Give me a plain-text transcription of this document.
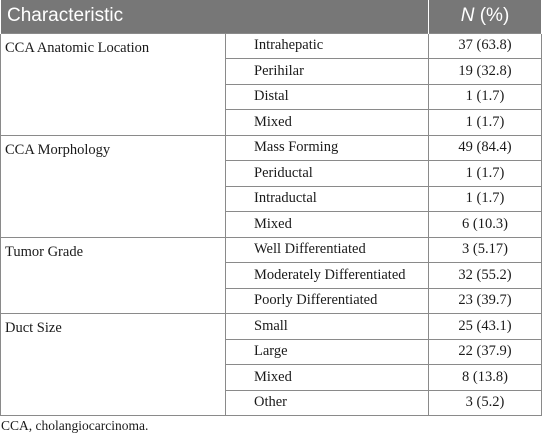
Characteristic		N (%)
CCA Anatomic Location	Intrahepatic	37 (63.8)
	Perihilar	19 (32.8)
	Distal	1 (1.7)
	Mixed	1 (1.7)
CCA Morphology	Mass Forming	49 (84.4)
	Periductal	1 (1.7)
	Intraductal	1 (1.7)
	Mixed	6 (10.3)
Tumor Grade	Well Differentiated	3 (5.17)
	Moderately Differentiated	32 (55.2)
	Poorly Differentiated	23 (39.7)
Duct Size	Small	25 (43.1)
	Large	22 (37.9)
	Mixed	8 (13.8)
	Other	3 (5.2)
CCA, cholangiocarcinoma.
